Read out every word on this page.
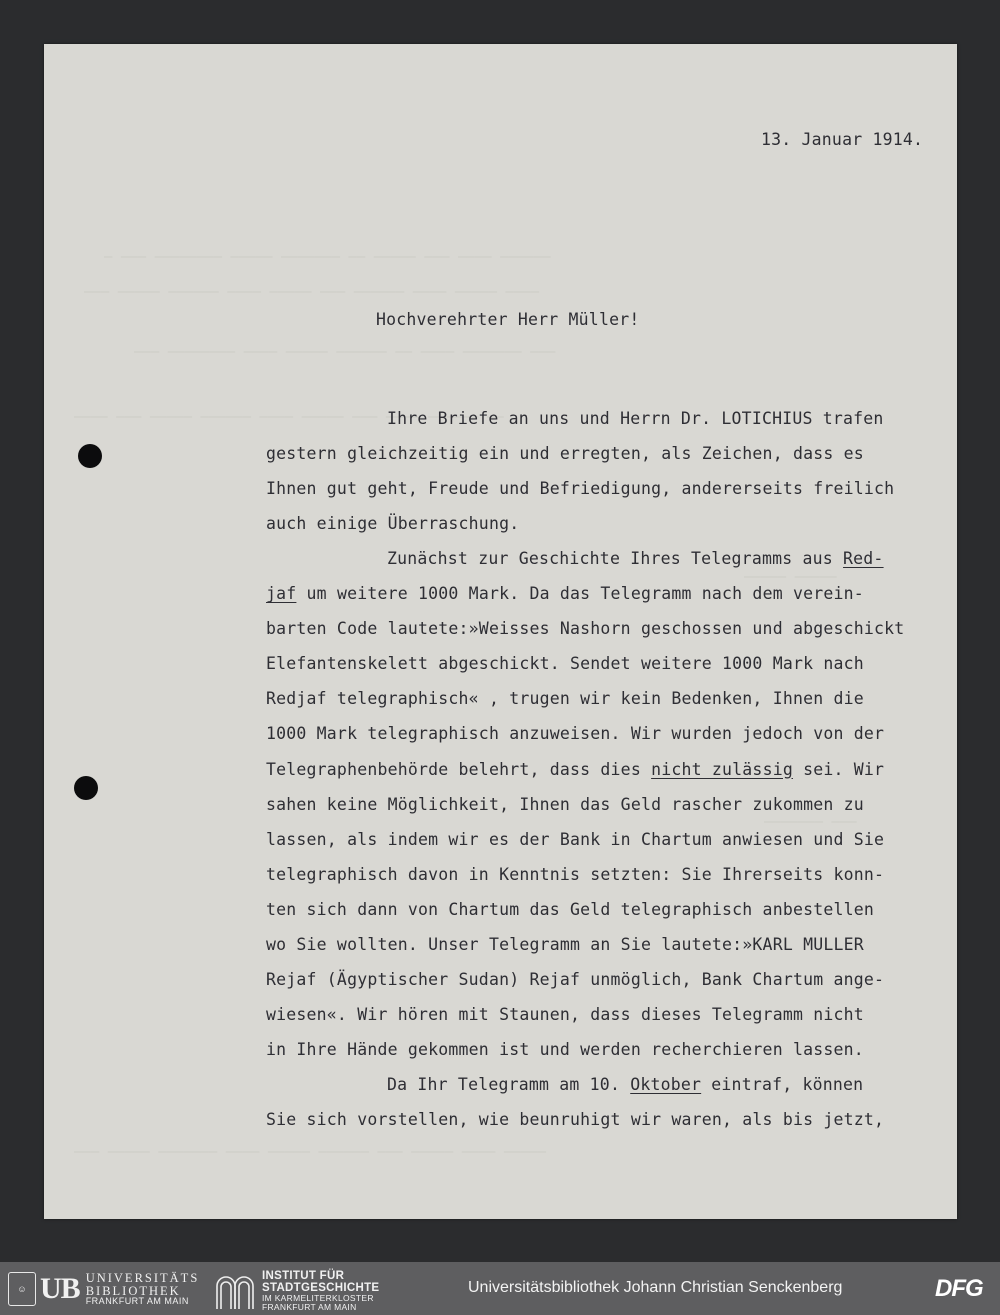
— ——— ———————— ————— ——————— —— ————— ——— ———— ——————
——— ————— —————— ———— ————— ——— —————— ———— ————— ————
——— ———————— ———— ————— —————— —— ———— ——————— ———
———— ——— ————— —————— ———— ————— ——— ———— —————— ——
————— —————
——————— ———
——— ————— ——————— ———— ————— —————— ——— ————— ———— —————
13. Januar 1914.
Hochverehrter Herr Müller!
Ihre Briefe an uns und Herrn Dr. LOTICHIUS trafen
gestern gleichzeitig ein und erregten, als Zeichen, dass es
Ihnen gut geht, Freude und Befriedigung, andererseits freilich
auch einige Überraschung.
Zunächst zur Geschichte Ihres Telegramms aus Red-
jaf um weitere 1000 Mark. Da das Telegramm nach dem verein-
barten Code lautete:»Weisses Nashorn geschossen und abgeschickt
Elefantenskelett abgeschickt. Sendet weitere 1000 Mark nach
Redjaf telegraphisch« , trugen wir kein Bedenken, Ihnen die
1000 Mark telegraphisch anzuweisen. Wir wurden jedoch von der
Telegraphenbehörde belehrt, dass dies nicht zulässig sei. Wir
sahen keine Möglichkeit, Ihnen das Geld rascher zukommen zu
lassen, als indem wir es der Bank in Chartum anwiesen und Sie
telegraphisch davon in Kenntnis setzten: Sie Ihrerseits konn-
ten sich dann von Chartum das Geld telegraphisch anbestellen
wo Sie wollten. Unser Telegramm an Sie lautete:»KARL MULLER
Rejaf (Ägyptischer Sudan) Rejaf unmöglich, Bank Chartum ange-
wiesen«. Wir hören mit Staunen, dass dieses Telegramm nicht
in Ihre Hände gekommen ist und werden recherchieren lassen.
Da Ihr Telegramm am 10. Oktober eintraf, können
Sie sich vorstellen, wie beunruhigt wir waren, als bis jetzt,
☺ UB UNIVERSITÄTS
BIBLIOTHEK
FRANKFURT AM MAIN
INSTITUT FÜR
STADTGESCHICHTE
IM KARMELITERKLOSTER
FRANKFURT AM MAIN
Universitätsbibliothek Johann Christian Senckenberg	DFG
